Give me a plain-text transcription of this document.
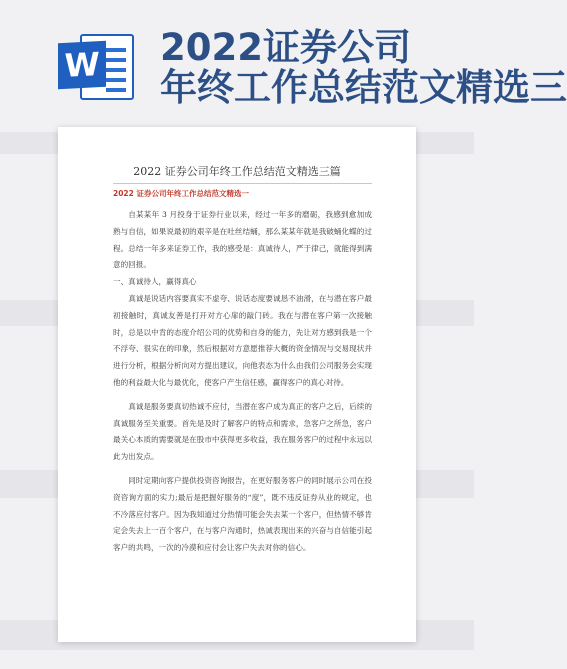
W 2022证券公司
年终工作总结范文精选三
2022 证券公司年终工作总结范文精选三篇
2022 证券公司年终工作总结范文精选一

自某某年 3 月投身于证券行业以来，经过一年多的磨砺，我感到愈加成熟与自信，如果说最初的艰辛是在吐丝结蛹，那么某某年就是我破蛹化蝶的过程。总结一年多来证券工作，我的感受是：真诚待人，严于律己，就能得到满意的回报。

一、真诚待人，赢得真心

真诚是说话内容要真实不虚夸、说话态度要诚恳不油滑，在与潜在客户最初接触时，真诚友善是打开对方心扉的敲门砖。我在与潜在客户第一次接触时，总是以中肯的态度介绍公司的优势和自身的能力，先让对方感到我是一个不浮夸、很实在的印象，然后根据对方意愿推荐大概的资金情况与交易现状并进行分析，根据分析向对方提出建议，向他表态为什么由我们公司服务会实现他的利益最大化与最优化，使客户产生信任感，赢得客户的真心对待。

真诚是服务要真切热诚不应付，当潜在客户成为真正的客户之后，后续的真诚服务至关重要。首先是及时了解客户的特点和需求，急客户之所急，客户最关心本质的需要就是在股市中获得更多收益，我在服务客户的过程中永远以此为出发点。

同时定期向客户提供投资咨询报告，在更好服务客户的同时展示公司在投资咨询方面的实力;最后是把握好服务的“度”，既不违反证券从业的规定，也不冷落应付客户。因为我知道过分热情可能会失去某一个客户，但热情不够肯定会失去上一百个客户，在与客户沟通时，热诚表现出来的兴奋与自信能引起客户的共鸣，一次的冷漠和应付会让客户失去对你的信心。
